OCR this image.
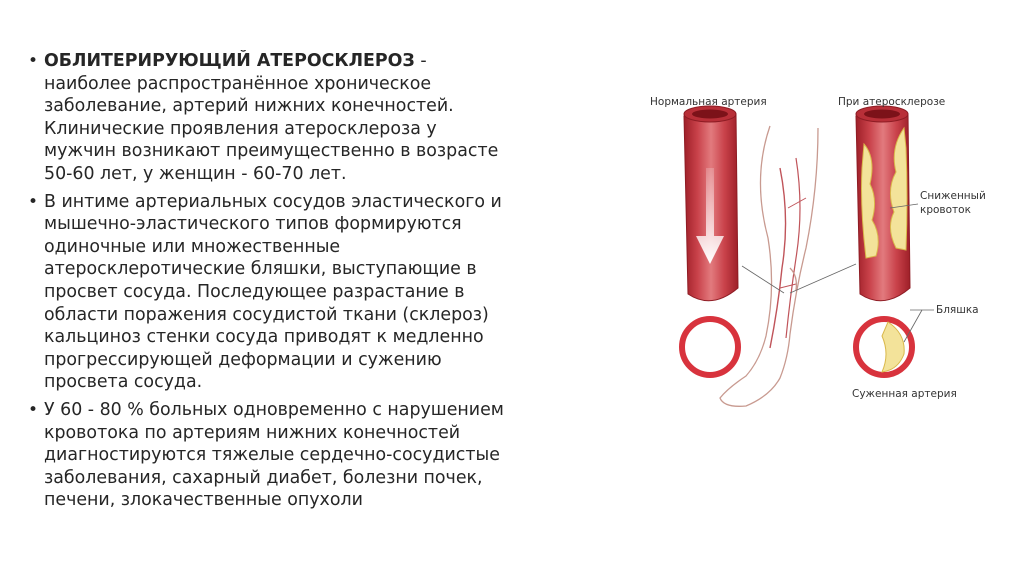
• ОБЛИТЕРИРУЮЩИЙ АТЕРОСКЛЕРОЗ -
наиболее распространённое хроническое
заболевание, артерий нижних конечностей.
Клинические проявления атеросклероза у
мужчин возникают преимущественно в возрасте
50-60 лет, у женщин - 60-70 лет.
• В интиме артериальных сосудов эластического и
мышечно-эластического типов формируются
одиночные или множественные
атеросклеротические бляшки, выступающие в
просвет сосуда. Последующее разрастание в
области поражения сосудистой ткани (склероз)
кальциноз стенки сосуда приводят к медленно
прогрессирующей деформации и сужению
просвета сосуда.
• У 60 - 80 % больных одновременно с нарушением
кровотока по артериям нижних конечностей
диагностируются тяжелые сердечно-сосудистые
заболевания, сахарный диабет, болезни почек,
печени, злокачественные опухоли
Нормальная артерия	При атеросклерозе
Сниженный
кровоток
Бляшка
Суженная артерия
